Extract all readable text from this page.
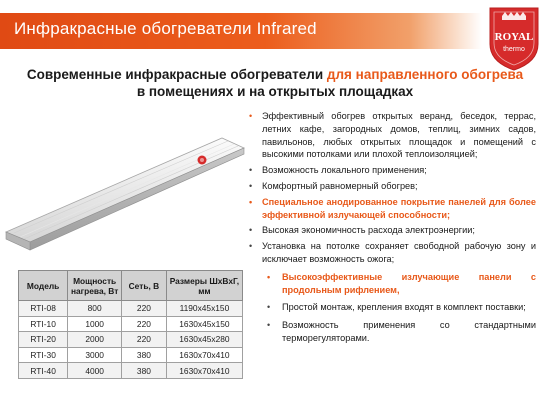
Инфракрасные обогреватели Infrared	ROYAL
thermo
Современные инфракрасные обогреватели для направленного обогрева
в помещениях и на открытых площадках
Модель	Мощность нагрева, Вт	Сеть, В	Размеры ШхВхГ, мм
RTI-08	800	220	1190x45x150
RTI-10	1000	220	1630x45x150
RTI-20	2000	220	1630x45x280
RTI-30	3000	380	1630x70x410
RTI-40	4000	380	1630x70x410
• Эффективный обогрев открытых веранд, беседок, террас, летних кафе, загородных домов, теплиц, зимних садов, павильонов, любых открытых площадок и помещений с высокими потолками или плохой теплоизоляцией;
• Возможность локального применения;
• Комфортный равномерный обогрев;
• Специальное анодированное покрытие панелей для более эффективной излучающей способности;
• Высокая экономичность расхода электроэнергии;
• Установка на потолке сохраняет свободной рабочую зону и исключает возможность ожога;
• Высокоэффективные излучающие панели с продольным рифлением,
• Простой монтаж, крепления входят в комплект поставки;
• Возможность применения со стандартными терморегуляторами.
